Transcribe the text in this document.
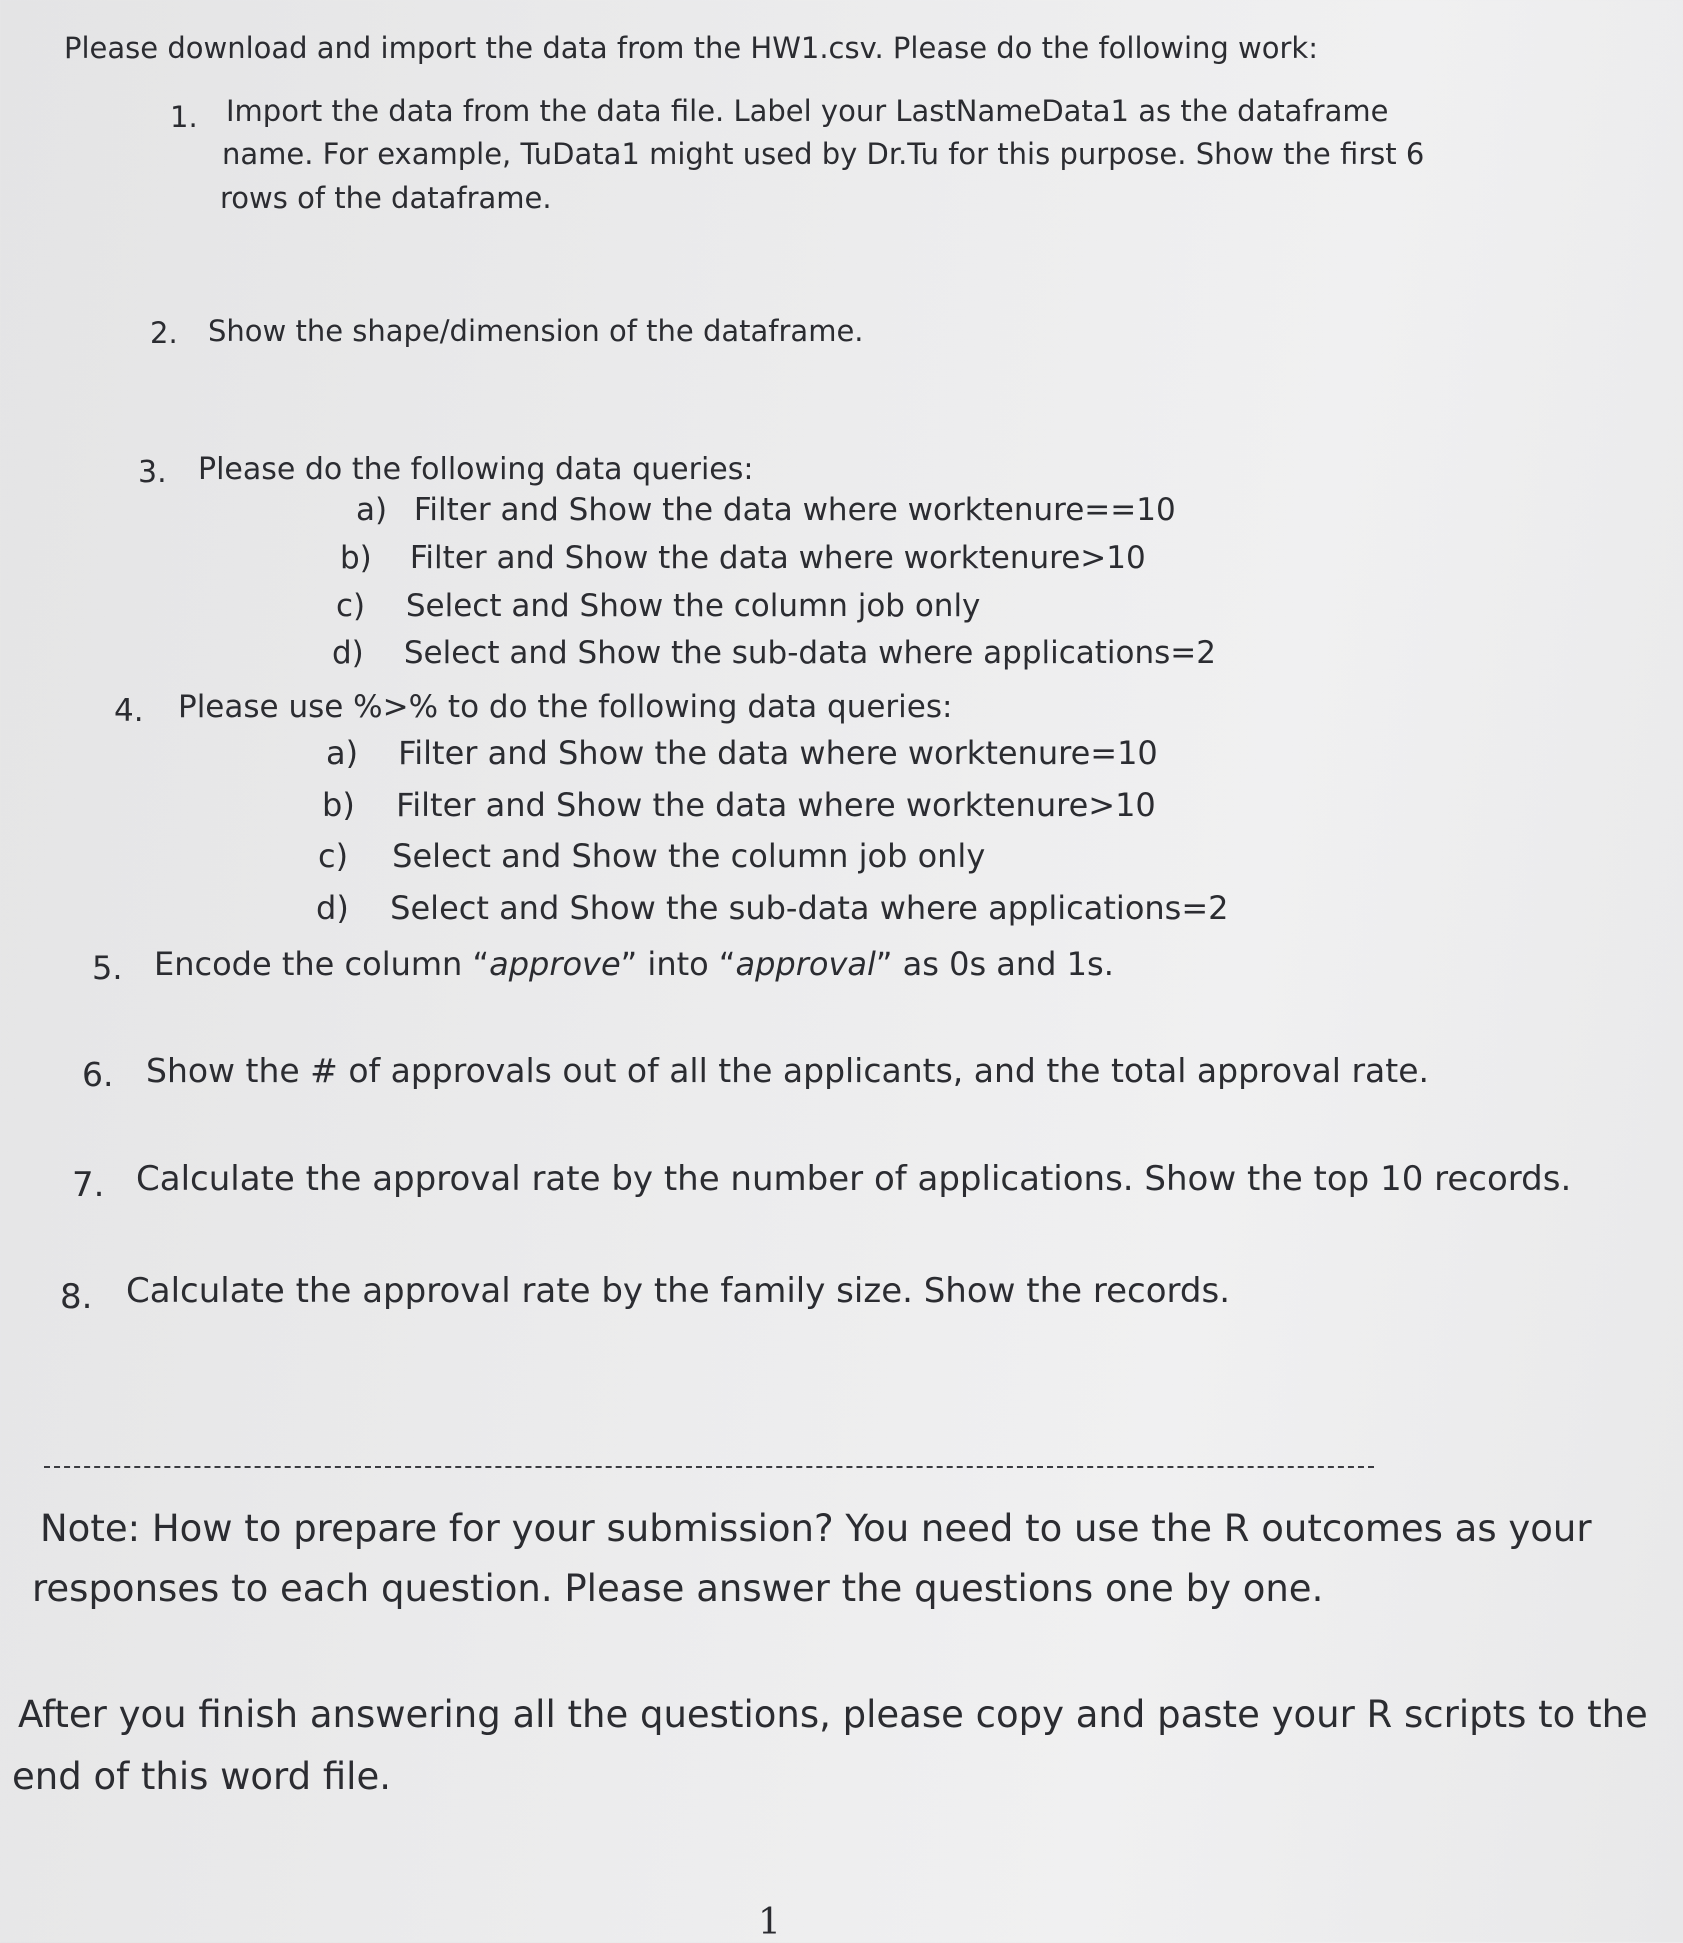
Please download and import the data from the HW1.csv. Please do the following work:
1. Import the data from the data file. Label your LastNameData1 as the dataframe
name. For example, TuData1 might used by Dr.Tu for this purpose. Show the first 6
rows of the dataframe.
2. Show the shape/dimension of the dataframe.
3. Please do the following data queries:
a) Filter and Show the data where worktenure==10
b) Filter and Show the data where worktenure>10
c) Select and Show the column job only
d) Select and Show the sub-data where applications=2
4. Please use %>% to do the following data queries:
a) Filter and Show the data where worktenure=10
b) Filter and Show the data where worktenure>10
c) Select and Show the column job only
d) Select and Show the sub-data where applications=2
5. Encode the column “approve” into “approval” as 0s and 1s.
6. Show the # of approvals out of all the applicants, and the total approval rate.
7. Calculate the approval rate by the number of applications. Show the top 10 records.
8. Calculate the approval rate by the family size. Show the records.
Note: How to prepare for your submission? You need to use the R outcomes as your
responses to each question. Please answer the questions one by one.
After you finish answering all the questions, please copy and paste your R scripts to the
end of this word file.
1
